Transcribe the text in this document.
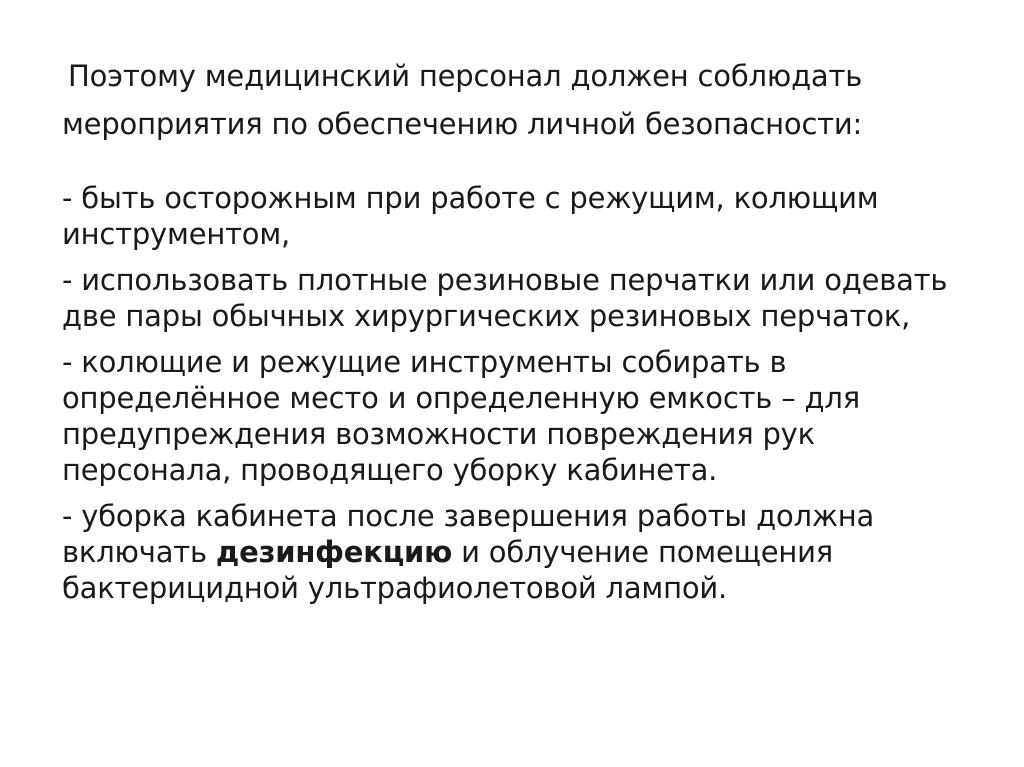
Поэтому медицинский персонал должен соблюдать
мероприятия по обеспечению личной безопасности:
- быть осторожным при работе с режущим, колющим инструментом,
- использовать плотные резиновые перчатки или одевать две пары обычных хирургических резиновых перчаток,
- колющие и режущие инструменты собирать в определённое место и определенную емкость – для предупреждения возможности повреждения рук персонала, проводящего уборку кабинета.
- уборка кабинета после завершения работы должна включать дезинфекцию и облучение помещения бактерицидной ультрафиолетовой лампой.
